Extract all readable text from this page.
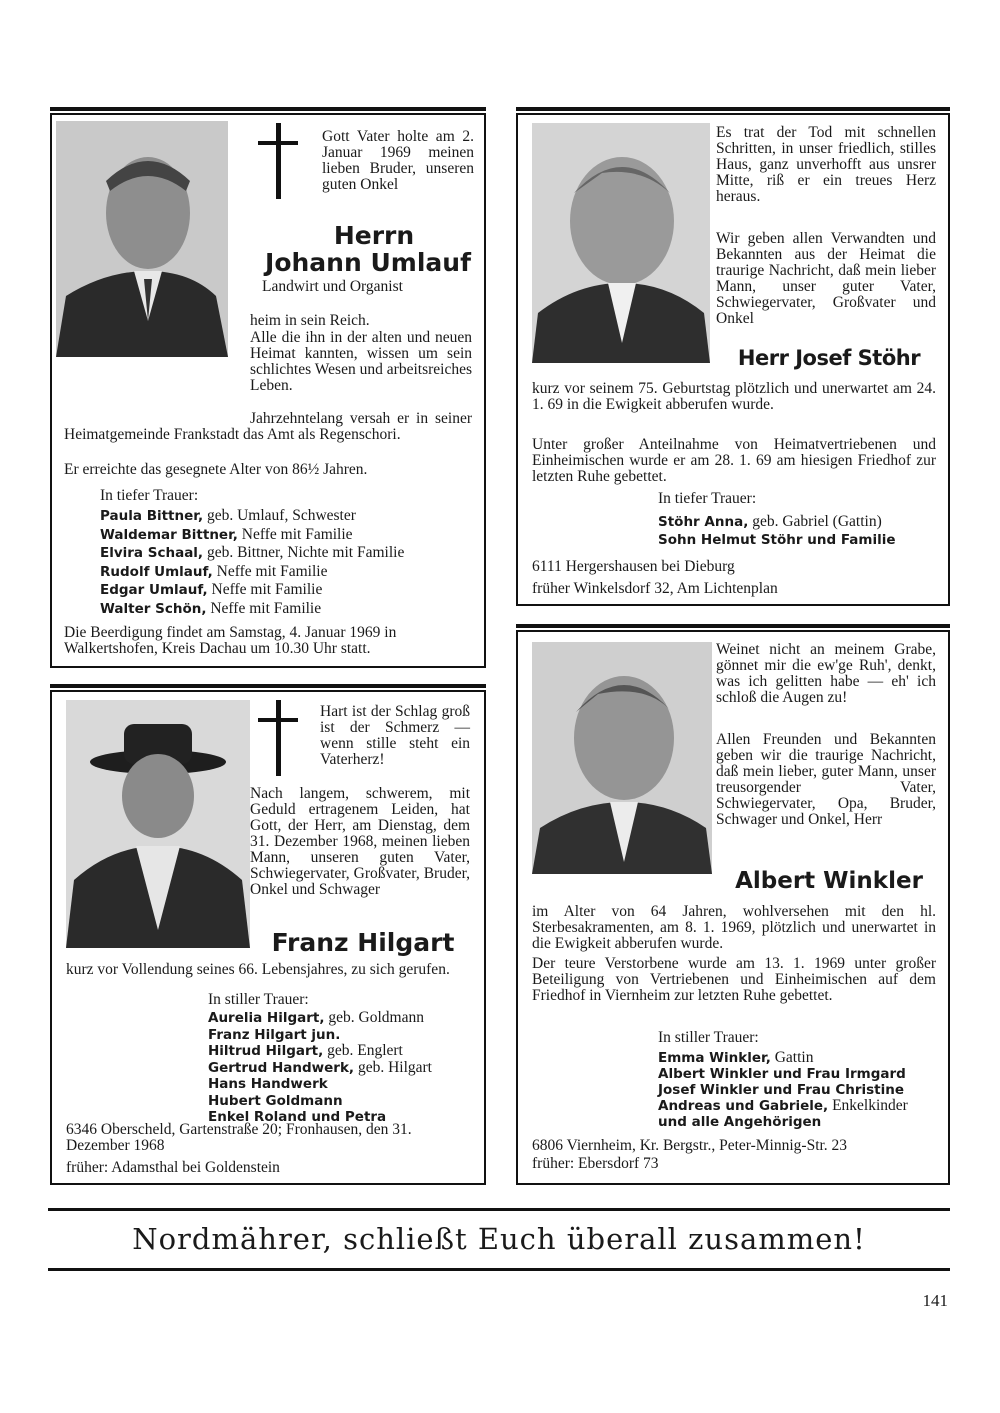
Gott Vater holte am 2. Januar 1969 meinen lieben Bruder, unseren guten Onkel

Herrn
Johann Umlauf

Landwirt und Organist

heim in sein Reich.

Alle die ihn in der alten und neuen Heimat kannten, wissen um sein schlichtes Wesen und arbeitsreiches Leben.

Jahrzehntelang versah er in seiner Heimatgemeinde Frankstadt das Amt als Regenschori.

Er erreichte das gesegnete Alter von 86½ Jahren.

In tiefer Trauer:

Paula Bittner, geb. Umlauf, Schwester
Waldemar Bittner, Neffe mit Familie
Elvira Schaal, geb. Bittner, Nichte mit Familie
Rudolf Umlauf, Neffe mit Familie
Edgar Umlauf, Neffe mit Familie
Walter Schön, Neffe mit Familie

Die Beerdigung findet am Samstag, 4. Januar 1969 in Walkertshofen, Kreis Dachau um 10.30 Uhr statt.

Es trat der Tod mit schnellen Schritten, in unser friedlich, stilles Haus, ganz unverhofft aus unsrer Mitte, riß er ein treues Herz heraus.

Wir geben allen Verwandten und Bekannten aus der Heimat die traurige Nachricht, daß mein lieber Mann, unser guter Vater, Schwiegervater, Großvater und Onkel

Herr Josef Stöhr

kurz vor seinem 75. Geburtstag plötzlich und unerwartet am 24. 1. 69 in die Ewigkeit abberufen wurde.

Unter großer Anteilnahme von Heimatvertriebenen und Einheimischen wurde er am 28. 1. 69 am hiesigen Friedhof zur letzten Ruhe gebettet.

In tiefer Trauer:

Stöhr Anna, geb. Gabriel (Gattin)
Sohn Helmut Stöhr und Familie

6111 Hergershausen bei Dieburg

früher Winkelsdorf 32, Am Lichtenplan

Hart ist der Schlag groß ist der Schmerz — wenn stille steht ein Vaterherz!

Nach langem, schwerem, mit Geduld ertragenem Leiden, hat Gott, der Herr, am Dienstag, dem 31. Dezember 1968, meinen lieben Mann, unseren guten Vater, Schwiegervater, Großvater, Bruder, Onkel und Schwager

Franz Hilgart

kurz vor Vollendung seines 66. Lebensjahres, zu sich gerufen.

In stiller Trauer:

Aurelia Hilgart, geb. Goldmann
Franz Hilgart jun.
Hiltrud Hilgart, geb. Englert
Gertrud Handwerk, geb. Hilgart
Hans Handwerk
Hubert Goldmann
Enkel Roland und Petra

6346 Oberscheld, Gartenstraße 20; Fronhausen, den 31. Dezember 1968

früher: Adamsthal bei Goldenstein

Weinet nicht an meinem Grabe, gönnet mir die ew'ge Ruh', denkt, was ich gelitten habe — eh' ich schloß die Augen zu!

Allen Freunden und Bekannten geben wir die traurige Nachricht, daß mein lieber, guter Mann, unser treusorgender Vater, Schwiegervater, Opa, Bruder, Schwager und Onkel, Herr

Albert Winkler

im Alter von 64 Jahren, wohlversehen mit den hl. Sterbesakramenten, am 8. 1. 1969, plötzlich und unerwartet in die Ewigkeit abberufen wurde.

Der teure Verstorbene wurde am 13. 1. 1969 unter großer Beteiligung von Vertriebenen und Einheimischen auf dem Friedhof in Viernheim zur letzten Ruhe gebettet.

In stiller Trauer:

Emma Winkler, Gattin
Albert Winkler und Frau Irmgard
Josef Winkler und Frau Christine
Andreas und Gabriele, Enkelkinder
und alle Angehörigen

6806 Viernheim, Kr. Bergstr., Peter-Minnig-Str. 23

früher: Ebersdorf 73

Nordmährer, schließt Euch überall zusammen!
141
